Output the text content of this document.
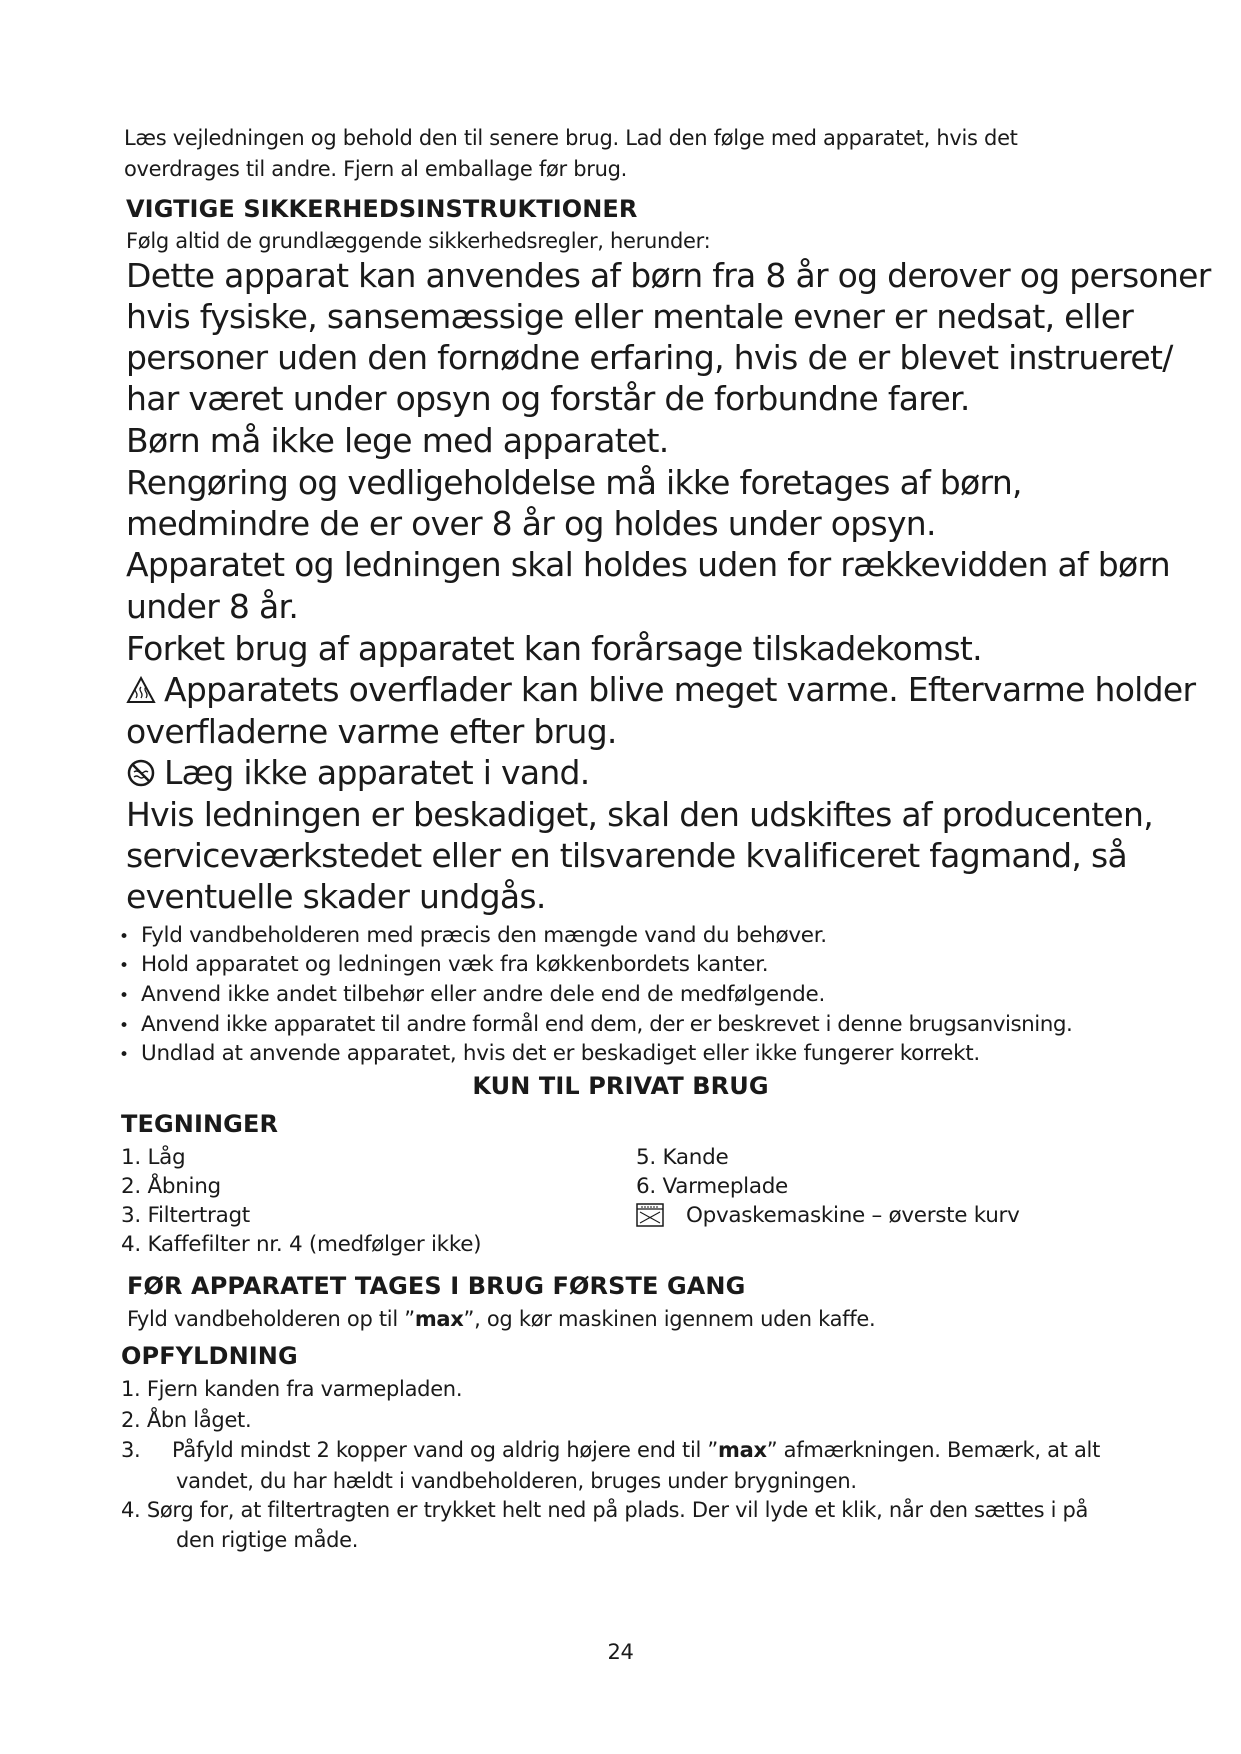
Læs vejledningen og behold den til senere brug. Lad den følge med apparatet, hvis det
overdrages til andre. Fjern al emballage før brug.
VIGTIGE SIKKERHEDSINSTRUKTIONER
Følg altid de grundlæggende sikkerhedsregler, herunder:
Dette apparat kan anvendes af børn fra 8 år og derover og personer
hvis fysiske, sansemæssige eller mentale evner er nedsat, eller
personer uden den fornødne erfaring, hvis de er blevet instrueret/
har været under opsyn og forstår de forbundne farer.
Børn må ikke lege med apparatet.
Rengøring og vedligeholdelse må ikke foretages af børn,
medmindre de er over 8 år og holdes under opsyn.
Apparatet og ledningen skal holdes uden for rækkevidden af børn
under 8 år.
Forket brug af apparatet kan forårsage tilskadekomst.
Apparatets overflader kan blive meget varme. Eftervarme holder
overfladerne varme efter brug.
Læg ikke apparatet i vand.
Hvis ledningen er beskadiget, skal den udskiftes af producenten,
serviceværkstedet eller en tilsvarende kvalificeret fagmand, så
eventuelle skader undgås.
• Fyld vandbeholderen med præcis den mængde vand du behøver.
• Hold apparatet og ledningen væk fra køkkenbordets kanter.
• Anvend ikke andet tilbehør eller andre dele end de medfølgende.
• Anvend ikke apparatet til andre formål end dem, der er beskrevet i denne brugsanvisning.
• Undlad at anvende apparatet, hvis det er beskadiget eller ikke fungerer korrekt.
KUN TIL PRIVAT BRUG
TEGNINGER
1. Låg
2. Åbning
3. Filtertragt
4. Kaffefilter nr. 4 (medfølger ikke)
5. Kande
6. Varmeplade
Opvaskemaskine – øverste kurv
FØR APPARATET TAGES I BRUG FØRSTE GANG
Fyld vandbeholderen op til ”max”, og kør maskinen igennem uden kaffe.
OPFYLDNING
1. Fjern kanden fra varmepladen.
2. Åbn låget.
3. Påfyld mindst 2 kopper vand og aldrig højere end til ”max” afmærkningen. Bemærk, at alt
vandet, du har hældt i vandbeholderen, bruges under brygningen.
4. Sørg for, at filtertragten er trykket helt ned på plads. Der vil lyde et klik, når den sættes i på
den rigtige måde.
24
